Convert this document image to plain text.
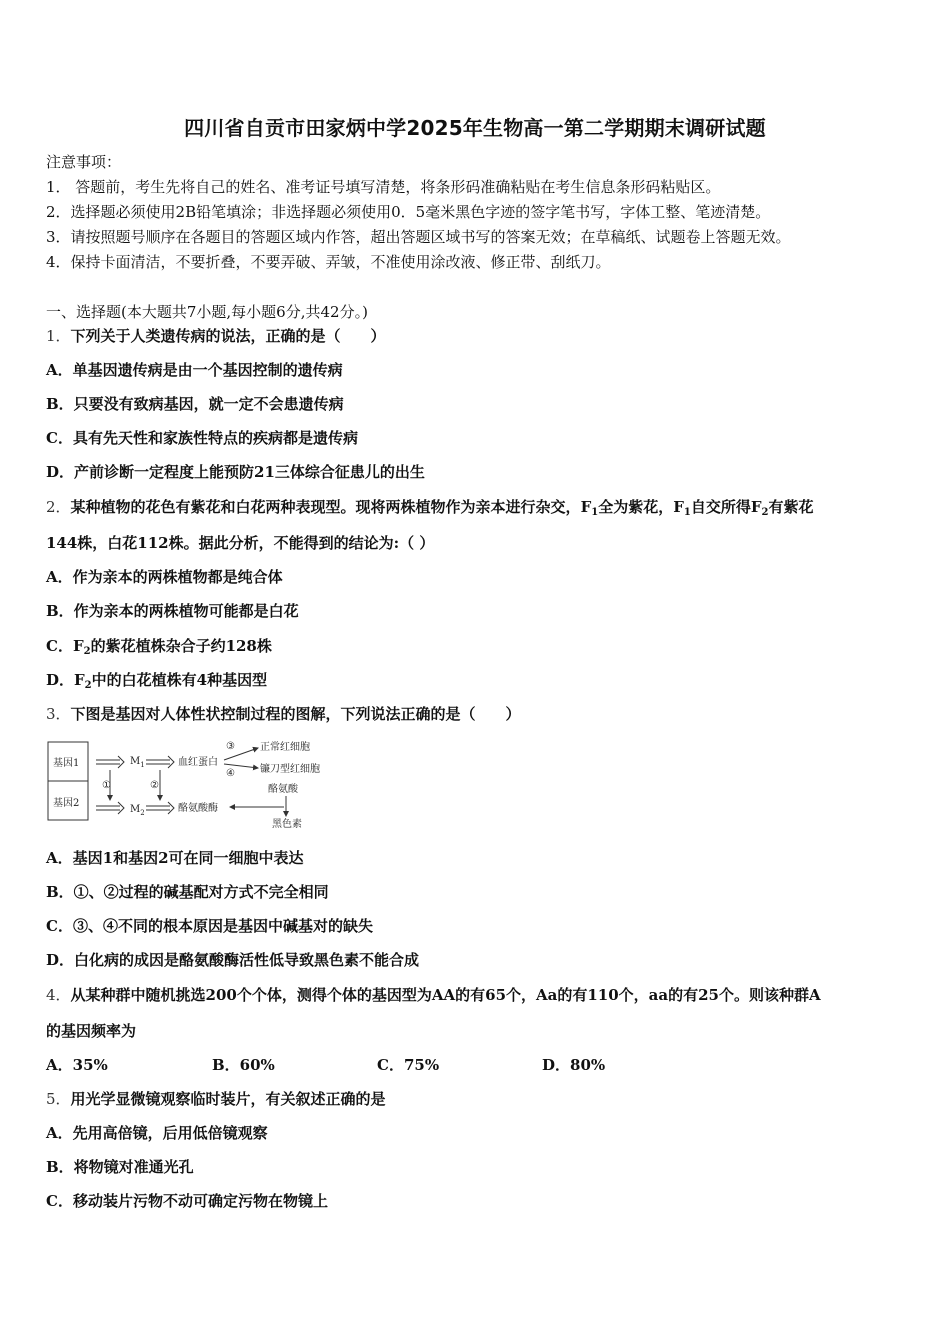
四川省自贡市田家炳中学2025年生物高一第二学期期末调研试题
注意事项：
1． 答题前，考生先将自己的姓名、准考证号填写清楚，将条形码准确粘贴在考生信息条形码粘贴区。
2．选择题必须使用2B铅笔填涂；非选择题必须使用0．5毫米黑色字迹的签字笔书写，字体工整、笔迹清楚。
3．请按照题号顺序在各题目的答题区域内作答，超出答题区域书写的答案无效；在草稿纸、试题卷上答题无效。
4．保持卡面清洁，不要折叠，不要弄破、弄皱，不准使用涂改液、修正带、刮纸刀。
一、选择题(本大题共7小题,每小题6分,共42分。)
1．下列关于人类遗传病的说法，正确的是（　　）
A．单基因遗传病是由一个基因控制的遗传病
B．只要没有致病基因，就一定不会患遗传病
C．具有先天性和家族性特点的疾病都是遗传病
D．产前诊断一定程度上能预防21三体综合征患儿的出生
2．某种植物的花色有紫花和白花两种表现型。现将两株植物作为亲本进行杂交，$F_1$全为紫花，$F_1$自交所得$F_2$有紫花
144株，白花112株。据此分析，不能得到的结论为:（ ）
A．作为亲本的两株植物都是纯合体
B．作为亲本的两株植物可能都是白花
C．$F_2$的紫花植株杂合子约128株
D．$F_2$中的白花植株有4种基因型
3．下图是基因对人体性状控制过程的图解，下列说法正确的是（　　）
基因1
基因2
①
$M_1$
$M_2$
②
血红蛋白
酪氨酸酶
③
④
正常红细胞
镰刀型红细胞
酪氨酸
黑色素
A．基因1和基因2可在同一细胞中表达
B．①、②过程的碱基配对方式不完全相同
C．③、④不同的根本原因是基因中碱基对的缺失
D．白化病的成因是酪氨酸酶活性低导致黑色素不能合成
4．从某种群中随机挑选200个个体，测得个体的基因型为AA的有65个，Aa的有110个，aa的有25个。则该种群A
的基因频率为
A．35%	B．60%	C．75%	D．80%
5．用光学显微镜观察临时装片，有关叙述正确的是
A．先用高倍镜，后用低倍镜观察
B．将物镜对准通光孔
C．移动装片污物不动可确定污物在物镜上
